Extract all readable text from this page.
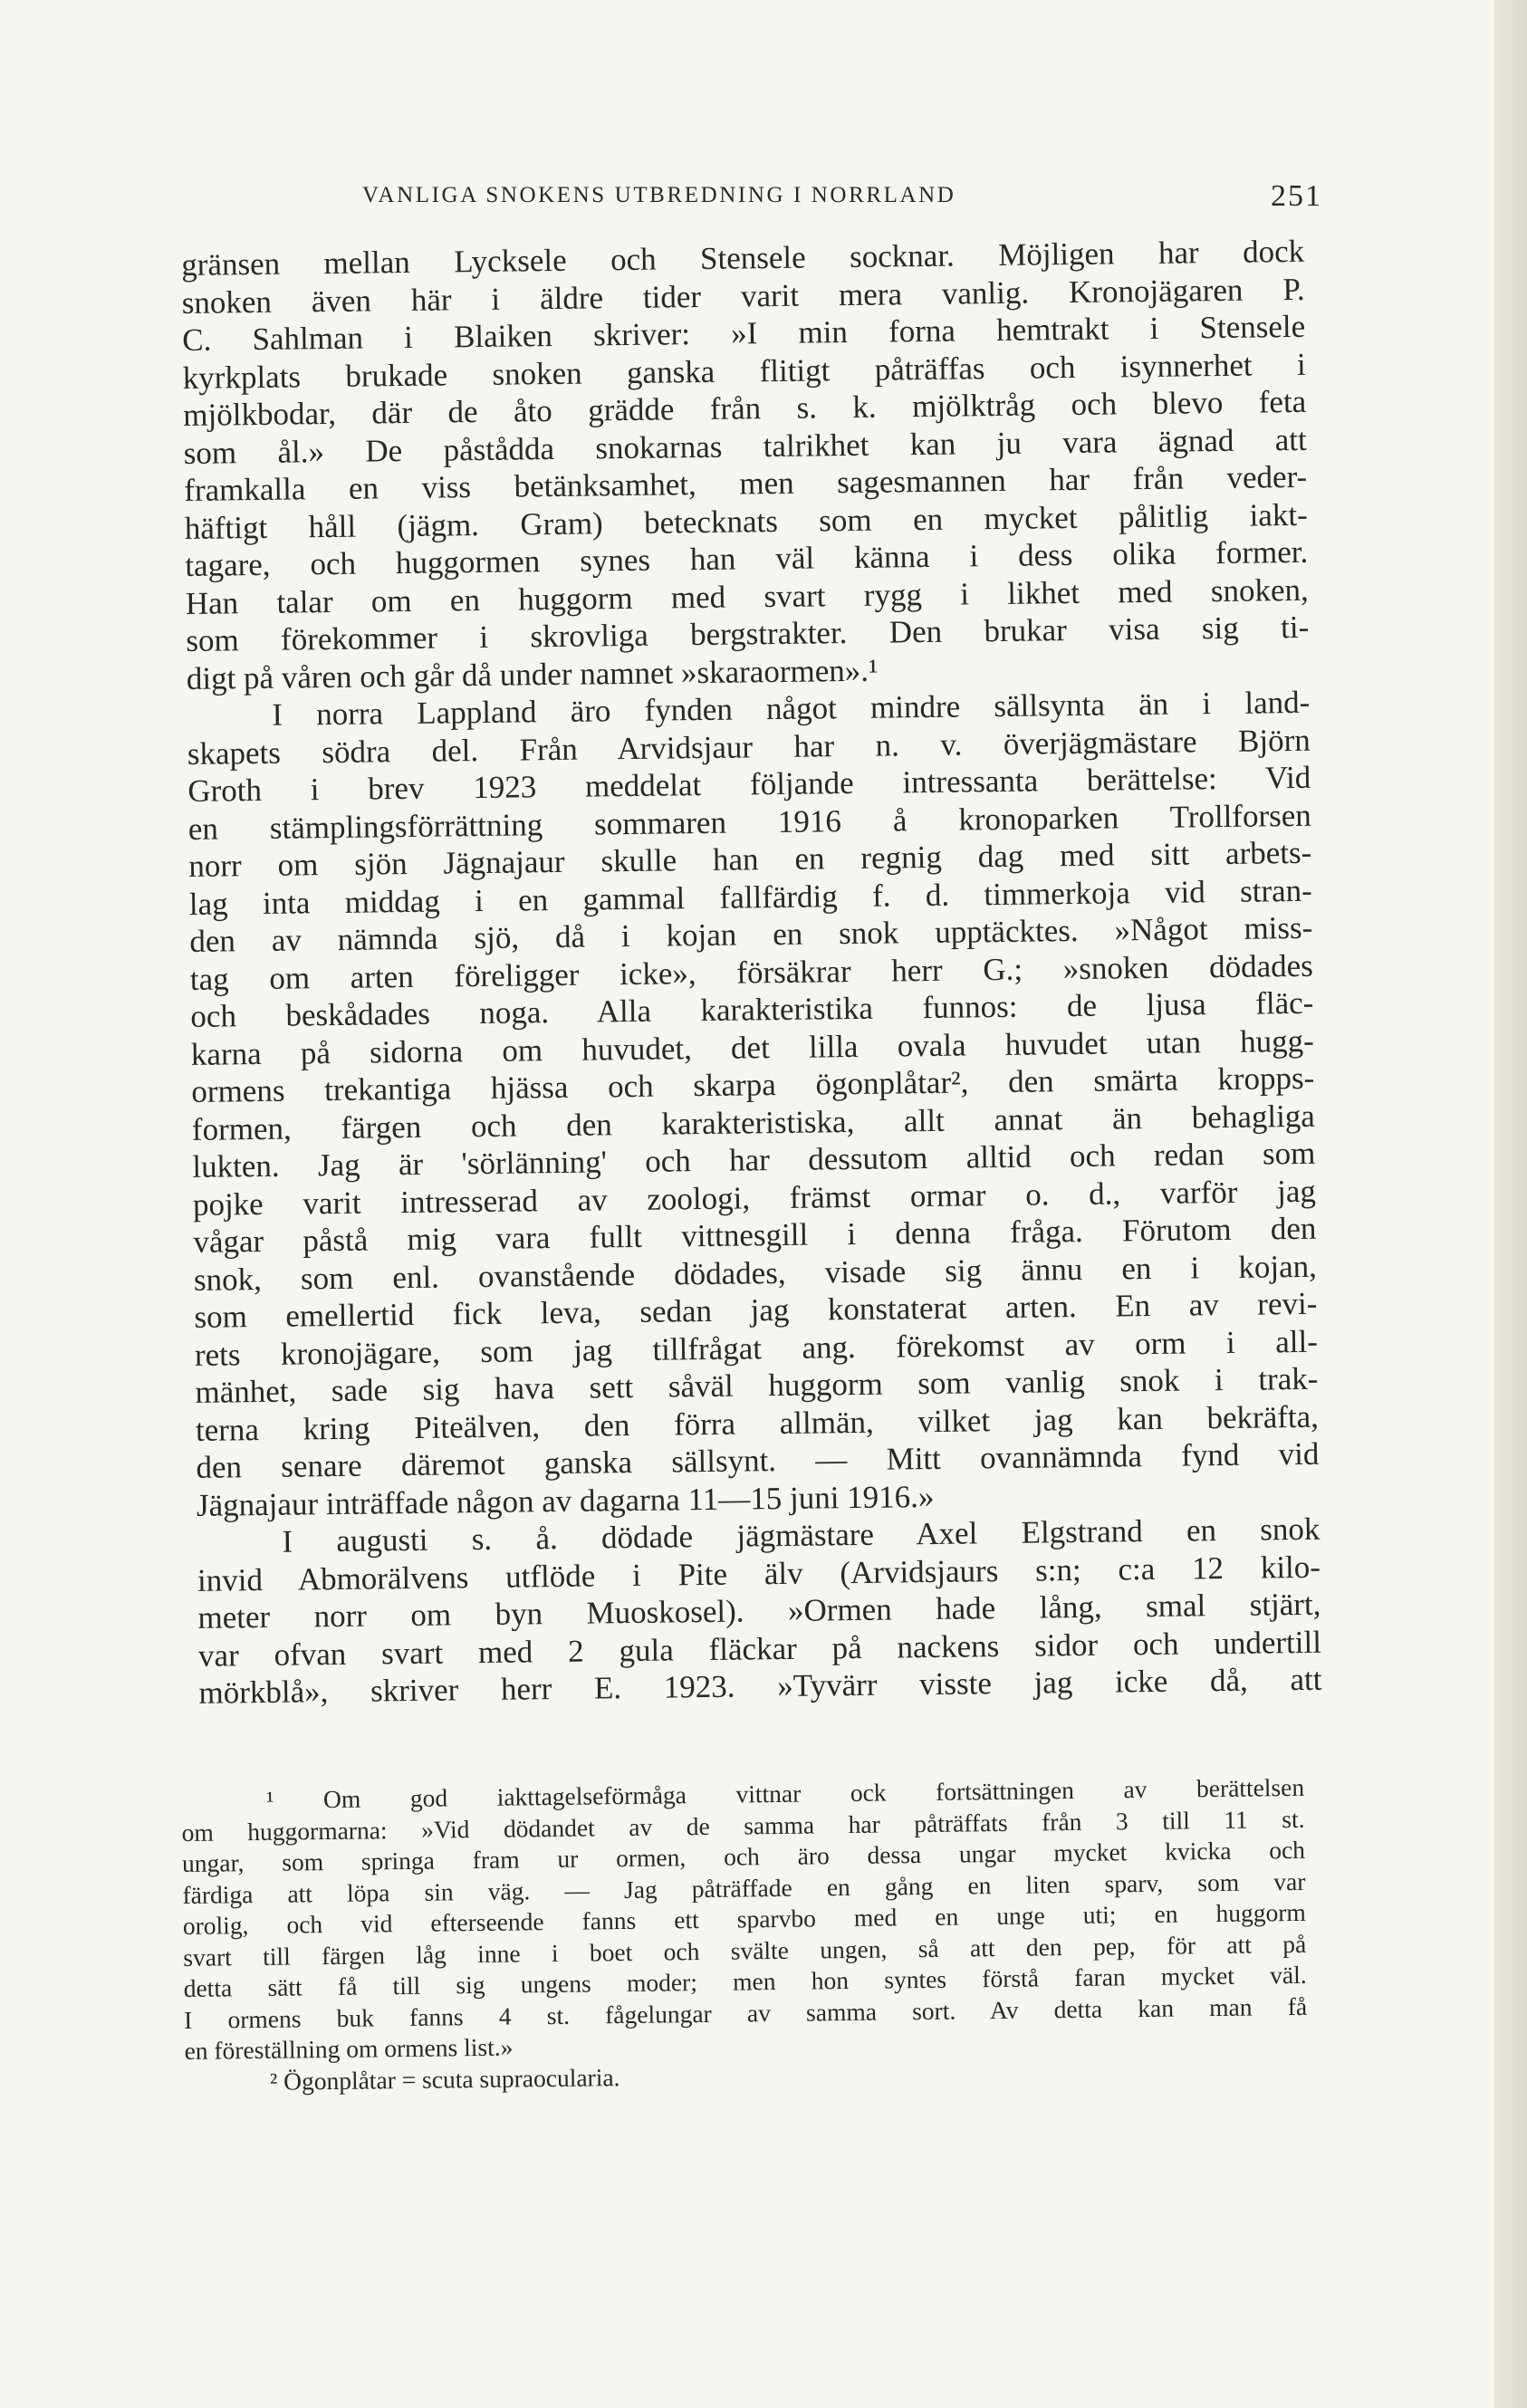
VANLIGA SNOKENS UTBREDNING I NORRLAND	251
gränsen mellan Lycksele och Stensele socknar. Möjligen har dock
snoken även här i äldre tider varit mera vanlig. Kronojägaren P.
C. Sahlman i Blaiken skriver: »I min forna hemtrakt i Stensele
kyrkplats brukade snoken ganska flitigt påträffas och isynnerhet i
mjölkbodar, där de åto grädde från s. k. mjölktråg och blevo feta
som ål.» De påstådda snokarnas talrikhet kan ju vara ägnad att
framkalla en viss betänksamhet, men sagesmannen har från veder-
häftigt håll (jägm. Gram) betecknats som en mycket pålitlig iakt-
tagare, och huggormen synes han väl känna i dess olika former.
Han talar om en huggorm med svart rygg i likhet med snoken,
som förekommer i skrovliga bergstrakter. Den brukar visa sig ti-
digt på våren och går då under namnet »skaraormen».¹
I norra Lappland äro fynden något mindre sällsynta än i land-
skapets södra del. Från Arvidsjaur har n. v. överjägmästare Björn
Groth i brev 1923 meddelat följande intressanta berättelse: Vid
en stämplingsförrättning sommaren 1916 å kronoparken Trollforsen
norr om sjön Jägnajaur skulle han en regnig dag med sitt arbets-
lag inta middag i en gammal fallfärdig f. d. timmerkoja vid stran-
den av nämnda sjö, då i kojan en snok upptäcktes. »Något miss-
tag om arten föreligger icke», försäkrar herr G.; »snoken dödades
och beskådades noga. Alla karakteristika funnos: de ljusa fläc-
karna på sidorna om huvudet, det lilla ovala huvudet utan hugg-
ormens trekantiga hjässa och skarpa ögonplåtar², den smärta kropps-
formen, färgen och den karakteristiska, allt annat än behagliga
lukten. Jag är 'sörlänning' och har dessutom alltid och redan som
pojke varit intresserad av zoologi, främst ormar o. d., varför jag
vågar påstå mig vara fullt vittnesgill i denna fråga. Förutom den
snok, som enl. ovanstående dödades, visade sig ännu en i kojan,
som emellertid fick leva, sedan jag konstaterat arten. En av revi-
rets kronojägare, som jag tillfrågat ang. förekomst av orm i all-
mänhet, sade sig hava sett såväl huggorm som vanlig snok i trak-
terna kring Piteälven, den förra allmän, vilket jag kan bekräfta,
den senare däremot ganska sällsynt. — Mitt ovannämnda fynd vid
Jägnajaur inträffade någon av dagarna 11—15 juni 1916.»
I augusti s. å. dödade jägmästare Axel Elgstrand en snok
invid Abmorälvens utflöde i Pite älv (Arvidsjaurs s:n; c:a 12 kilo-
meter norr om byn Muoskosel). »Ormen hade lång, smal stjärt,
var ofvan svart med 2 gula fläckar på nackens sidor och undertill
mörkblå», skriver herr E. 1923. »Tyvärr visste jag icke då, att
¹ Om god iakttagelseförmåga vittnar ock fortsättningen av berättelsen
om huggormarna: »Vid dödandet av de samma har påträffats från 3 till 11 st.
ungar, som springa fram ur ormen, och äro dessa ungar mycket kvicka och
färdiga att löpa sin väg. — Jag påträffade en gång en liten sparv, som var
orolig, och vid efterseende fanns ett sparvbo med en unge uti; en huggorm
svart till färgen låg inne i boet och svälte ungen, så att den pep, för att på
detta sätt få till sig ungens moder; men hon syntes förstå faran mycket väl.
I ormens buk fanns 4 st. fågelungar av samma sort. Av detta kan man få
en föreställning om ormens list.»
² Ögonplåtar = scuta supraocularia.
